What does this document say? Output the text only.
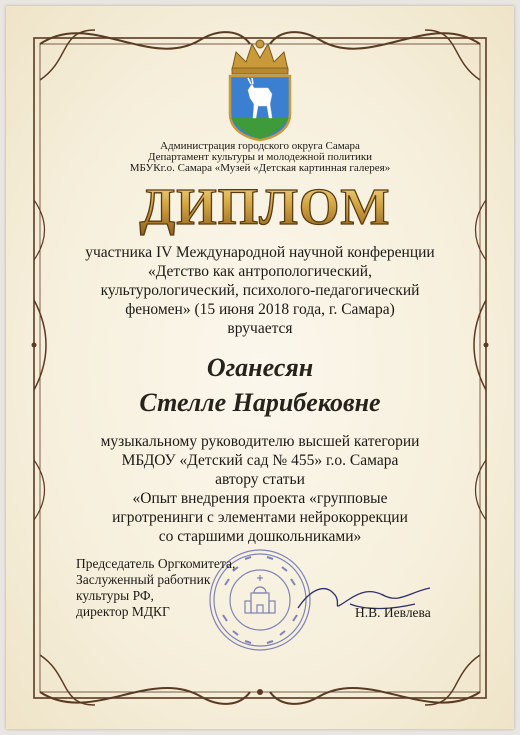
Администрация городского округа Самара

Департамент культуры и молодежной политики

МБУКг.о. Самара «Музей «Детская картинная галерея»

ДИПЛОМ

участника IV Международной научной конференции

«Детство как антропологический,

культурологический, психолого-педагогический

феномен» (15 июня 2018 года, г. Самара)

вручается

Оганесян

Стелле Нарибековне

музыкальному руководителю высшей категории

МБДОУ «Детский сад № 455» г.о. Самара

автору статьи

«Опыт внедрения проекта «групповые

игротренинги с элементами нейрокоррекции

со старшими дошкольниками»

Председатель Оргкомитета,
Заслуженный работник
культуры РФ,
директор МДКГ	Н.В. Иевлева
